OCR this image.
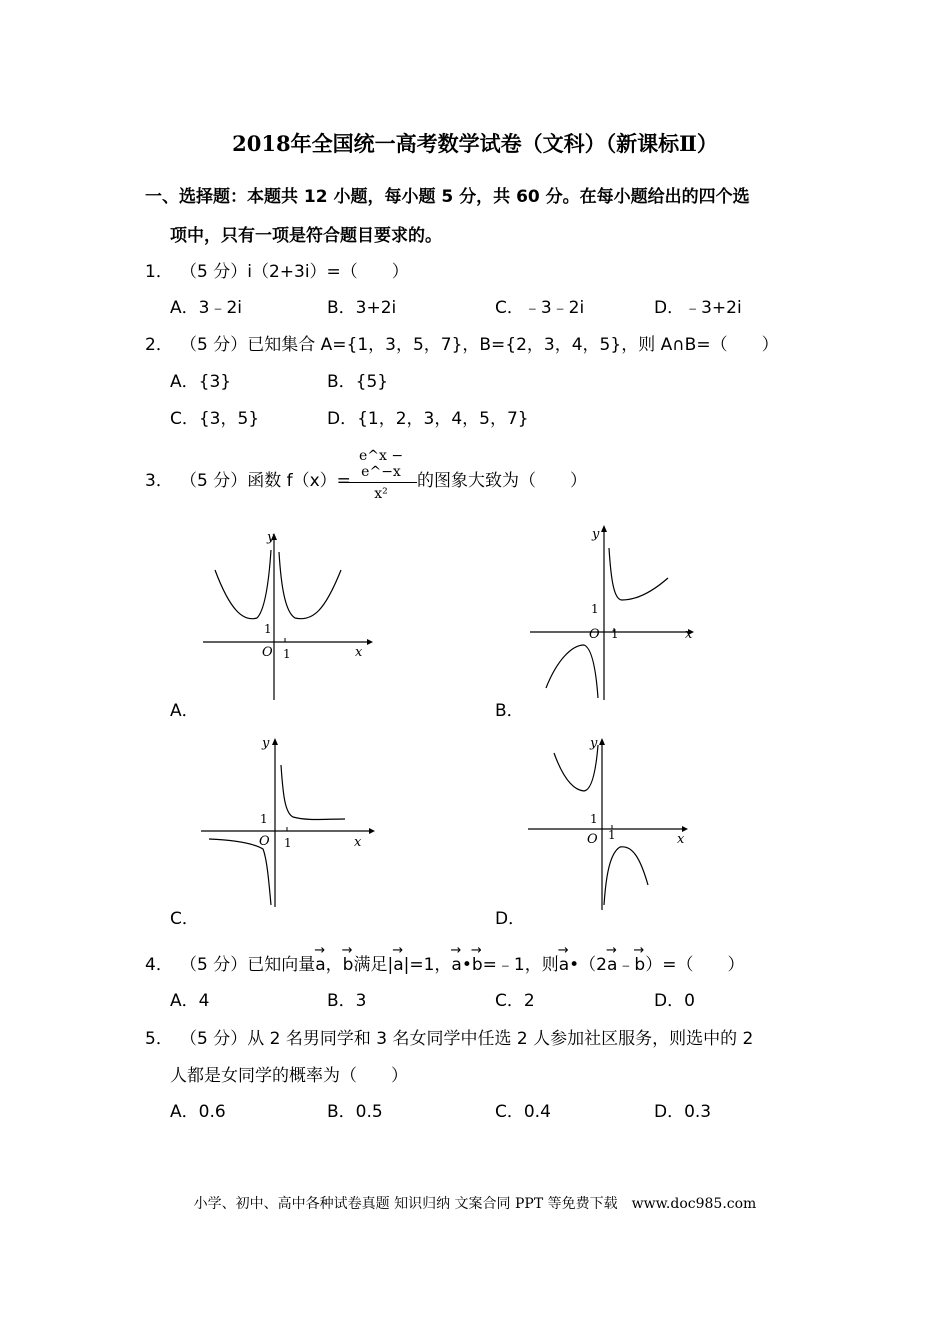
2018年全国统一高考数学试卷（文科）（新课标Ⅱ）
一、选择题：本题共 12 小题，每小题 5 分，共 60 分。在每小题给出的四个选
项中，只有一项是符合题目要求的。
1． （5 分）i（2+3i）=（　　）
A．3﹣2i	B．3+2i	C．﹣3﹣2i	D．﹣3+2i
2． （5 分）已知集合 A={1，3，5，7}，B={2，3，4，5}，则 A∩B=（　　）
A．{3}	B．{5}
C．{3，5}	D．{1，2，3，4，5，7}
3． （5 分）函数 f（x）=
$\frac{e\^{}x - e\^{}-x}{\text{x²}}$ 的图象大致为（　　）
y
x
O
1
1
A．
y
x
O
1
1
B．
y
x
O
1
1
C．
y
x
O
1
1
D．
4． （5 分）已知向量→ a，→ b满足|→ a|=1，→ a•→ b=﹣1，则→ a•（2→ a﹣→ b）=（　　）
A．4	B．3	C．2	D．0
5． （5 分）从 2 名男同学和 3 名女同学中任选 2 人参加社区服务，则选中的 2
人都是女同学的概率为（　　）
A．0.6	B．0.5	C．0.4	D．0.3
小学、初中、高中各种试卷真题 知识归纳 文案合同 PPT 等免费下载　www.doc985.com
